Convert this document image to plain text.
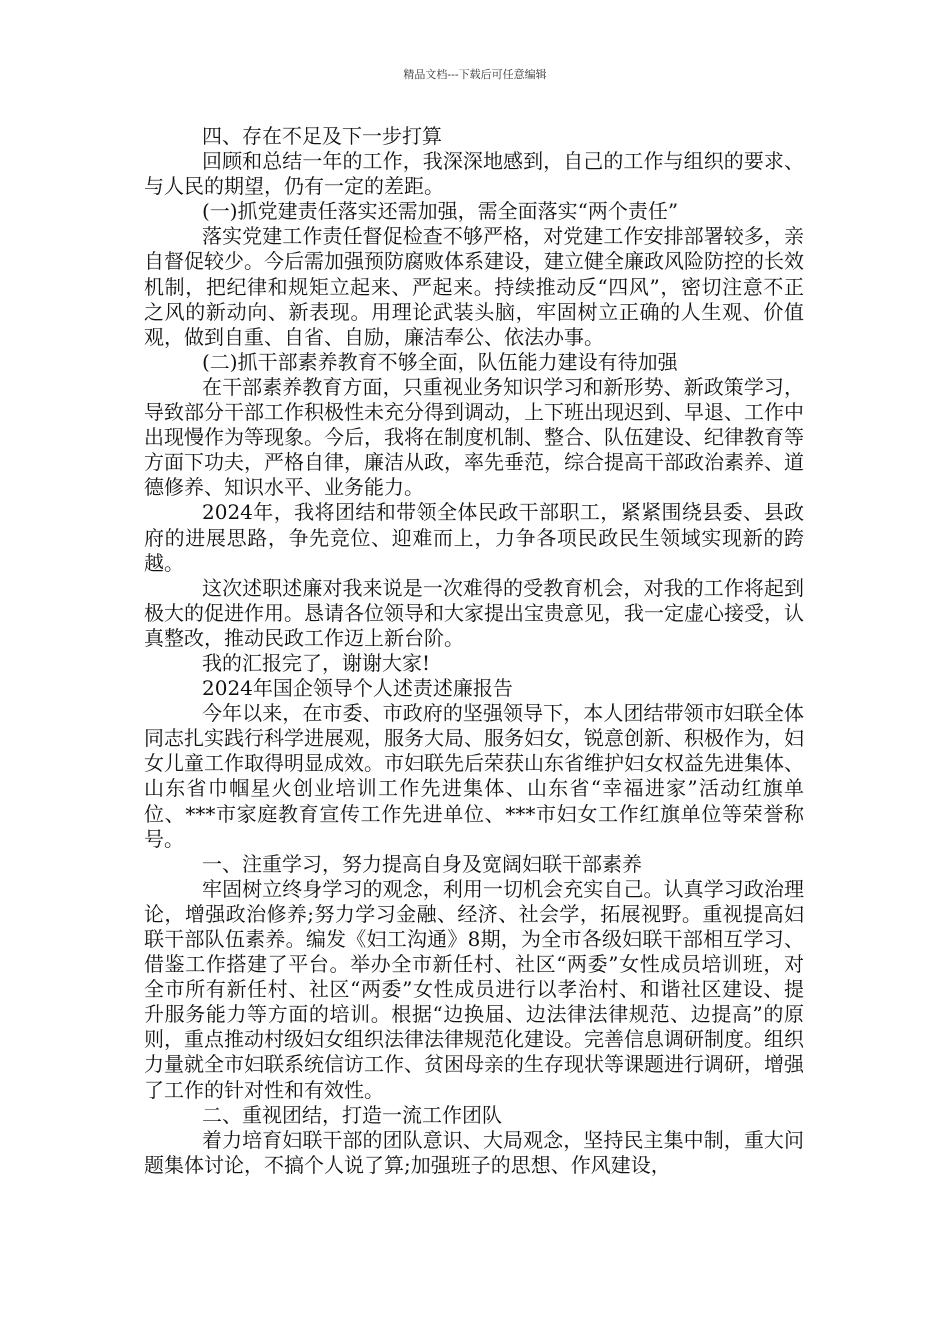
精品文档---下载后可任意编辑

四、存在不足及下一步打算

回顾和总结一年的工作，我深深地感到，自己的工作与组织的要求、与人民的期望，仍有一定的差距。

(一)抓党建责任落实还需加强，需全面落实“两个责任”

落实党建工作责任督促检查不够严格，对党建工作安排部署较多，亲自督促较少。今后需加强预防腐败体系建设，建立健全廉政风险防控的长效机制，把纪律和规矩立起来、严起来。持续推动反“四风”，密切注意不正之风的新动向、新表现。用理论武装头脑，牢固树立正确的人生观、价值观，做到自重、自省、自励，廉洁奉公、依法办事。

(二)抓干部素养教育不够全面，队伍能力建设有待加强

在干部素养教育方面，只重视业务知识学习和新形势、新政策学习，导致部分干部工作积极性未充分得到调动，上下班出现迟到、早退、工作中出现慢作为等现象。今后，我将在制度机制、整合、队伍建设、纪律教育等方面下功夫，严格自律，廉洁从政，率先垂范，综合提高干部政治素养、道德修养、知识水平、业务能力。

2024年，我将团结和带领全体民政干部职工，紧紧围绕县委、县政府的进展思路，争先竞位、迎难而上，力争各项民政民生领域实现新的跨越。

这次述职述廉对我来说是一次难得的受教育机会，对我的工作将起到极大的促进作用。恳请各位领导和大家提出宝贵意见，我一定虚心接受，认真整改，推动民政工作迈上新台阶。

我的汇报完了，谢谢大家!

2024年国企领导个人述责述廉报告

今年以来，在市委、市政府的坚强领导下，本人团结带领市妇联全体同志扎实践行科学进展观，服务大局、服务妇女，锐意创新、积极作为，妇女儿童工作取得明显成效。市妇联先后荣获山东省维护妇女权益先进集体、山东省巾帼星火创业培训工作先进集体、山东省“幸福进家”活动红旗单位、***市家庭教育宣传工作先进单位、***市妇女工作红旗单位等荣誉称号。

一、注重学习，努力提高自身及宽阔妇联干部素养

牢固树立终身学习的观念，利用一切机会充实自己。认真学习政治理论，增强政治修养;努力学习金融、经济、社会学，拓展视野。重视提高妇联干部队伍素养。编发《妇工沟通》8期，为全市各级妇联干部相互学习、借鉴工作搭建了平台。举办全市新任村、社区“两委”女性成员培训班，对全市所有新任村、社区“两委”女性成员进行以孝治村、和谐社区建设、提升服务能力等方面的培训。根据“边换届、边法律法律规范、边提高”的原则，重点推动村级妇女组织法律法律规范化建设。完善信息调研制度。组织力量就全市妇联系统信访工作、贫困母亲的生存现状等课题进行调研，增强了工作的针对性和有效性。

二、重视团结，打造一流工作团队

着力培育妇联干部的团队意识、大局观念，坚持民主集中制，重大问题集体讨论，不搞个人说了算;加强班子的思想、作风建设，
